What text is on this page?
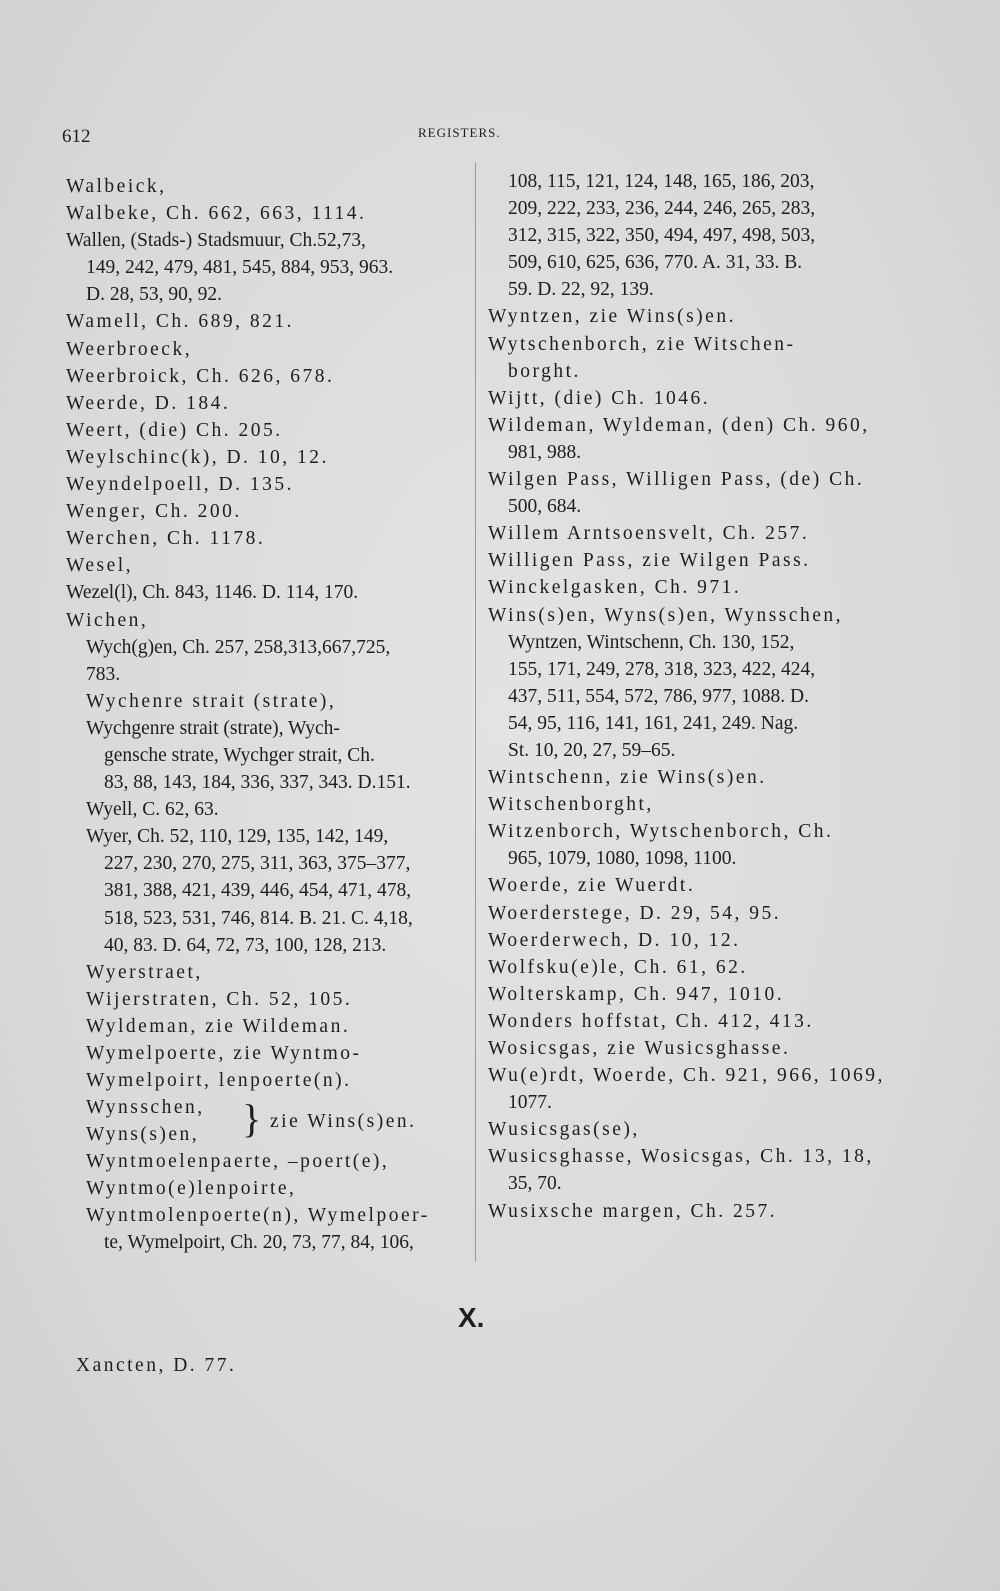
612	REGISTERS.
Walbeick,
Walbeke, Ch. 662, 663, 1114.
Wallen, (Stads-) Stadsmuur, Ch.52,73,
149, 242, 479, 481, 545, 884, 953, 963.
D. 28, 53, 90, 92.
Wamell, Ch. 689, 821.
Weerbroeck,
Weerbroick, Ch. 626, 678.
Weerde, D. 184.
Weert, (die) Ch. 205.
Weylschinc(k), D. 10, 12.
Weyndelpoell, D. 135.
Wenger, Ch. 200.
Werchen, Ch. 1178.
Wesel,
Wezel(l), Ch. 843, 1146. D. 114, 170.
Wichen,
Wych(g)en, Ch. 257, 258,313,667,725,
783.
Wychenre strait (strate),
Wychgenre strait (strate), Wych-
gensche strate, Wychger strait, Ch.
83, 88, 143, 184, 336, 337, 343. D.151.
Wyell, C. 62, 63.
Wyer, Ch. 52, 110, 129, 135, 142, 149,
227, 230, 270, 275, 311, 363, 375–377,
381, 388, 421, 439, 446, 454, 471, 478,
518, 523, 531, 746, 814. B. 21. C. 4,18,
40, 83. D. 64, 72, 73, 100, 128, 213.
Wyerstraet,
Wijerstraten, Ch. 52, 105.
Wyldeman, zie Wildeman.
Wymelpoerte, zie Wyntmo-
Wymelpoirt, lenpoerte(n).
Wynsschen,
Wyns(s)en, } zie Wins(s)en.
Wyntmoelenpaerte, –poert(e),
Wyntmo(e)lenpoirte,
Wyntmolenpoerte(n), Wymelpoer-
te, Wymelpoirt, Ch. 20, 73, 77, 84, 106,
108, 115, 121, 124, 148, 165, 186, 203,
209, 222, 233, 236, 244, 246, 265, 283,
312, 315, 322, 350, 494, 497, 498, 503,
509, 610, 625, 636, 770. A. 31, 33. B.
59. D. 22, 92, 139.
Wyntzen, zie Wins(s)en.
Wytschenborch, zie Witschen-
borght.
Wijtt, (die) Ch. 1046.
Wildeman, Wyldeman, (den) Ch. 960,
981, 988.
Wilgen Pass, Willigen Pass, (de) Ch.
500, 684.
Willem Arntsoensvelt, Ch. 257.
Willigen Pass, zie Wilgen Pass.
Winckelgasken, Ch. 971.
Wins(s)en, Wyns(s)en, Wynsschen,
Wyntzen, Wintschenn, Ch. 130, 152,
155, 171, 249, 278, 318, 323, 422, 424,
437, 511, 554, 572, 786, 977, 1088. D.
54, 95, 116, 141, 161, 241, 249. Nag.
St. 10, 20, 27, 59–65.
Wintschenn, zie Wins(s)en.
Witschenborght,
Witzenborch, Wytschenborch, Ch.
965, 1079, 1080, 1098, 1100.
Woerde, zie Wuerdt.
Woerderstege, D. 29, 54, 95.
Woerderwech, D. 10, 12.
Wolfsku(e)le, Ch. 61, 62.
Wolterskamp, Ch. 947, 1010.
Wonders hoffstat, Ch. 412, 413.
Wosicsgas, zie Wusicsghasse.
Wu(e)rdt, Woerde, Ch. 921, 966, 1069,
1077.
Wusicsgas(se),
Wusicsghasse, Wosicsgas, Ch. 13, 18,
35, 70.
Wusixsche margen, Ch. 257.
X.
Xancten, D. 77.
